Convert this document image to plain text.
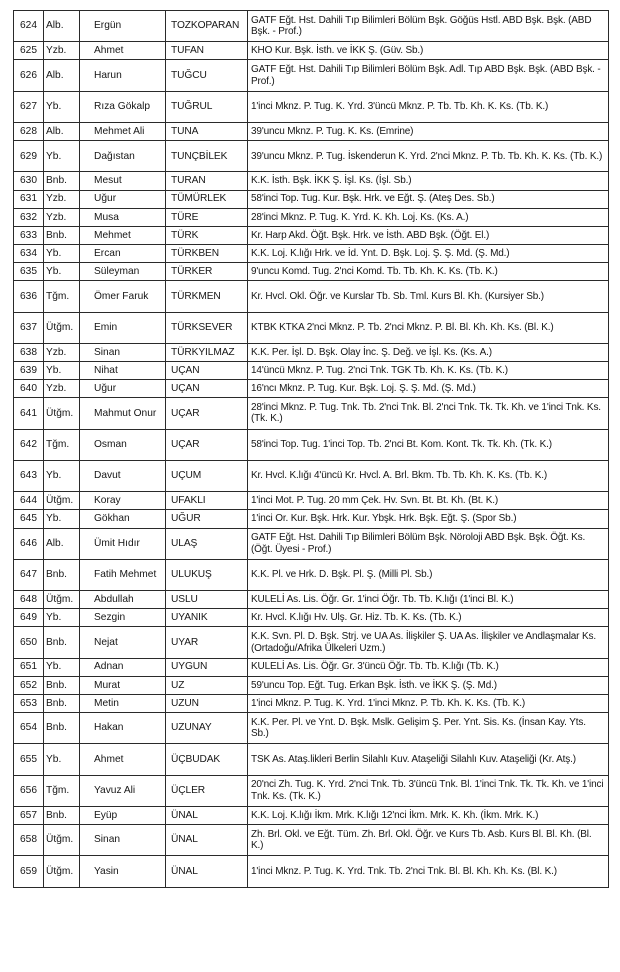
624	Alb.	Ergün	TOZKOPARAN	GATF Eğt. Hst. Dahili Tıp Bilimleri Bölüm Bşk. Göğüs Hstl. ABD Bşk. Bşk. (ABD Bşk. - Prof.)
625	Yzb.	Ahmet	TUFAN	KHO Kur. Bşk. İsth. ve İKK Ş. (Güv. Sb.)
626	Alb.	Harun	TUĞCU	GATF Eğt. Hst. Dahili Tıp Bilimleri Bölüm Bşk. Adl. Tıp ABD Bşk. Bşk. (ABD Bşk. - Prof.)
627	Yb.	Rıza Gökalp	TUĞRUL	1'inci Mknz. P. Tug. K. Yrd. 3'üncü Mknz. P. Tb. Tb. Kh. K. Ks. (Tb. K.)
628	Alb.	Mehmet Ali	TUNA	39'uncu Mknz. P. Tug. K. Ks. (Emrine)
629	Yb.	Dağıstan	TUNÇBİLEK	39'uncu Mknz. P. Tug. İskenderun K. Yrd. 2'nci Mknz. P. Tb. Tb. Kh. K. Ks. (Tb. K.)
630	Bnb.	Mesut	TURAN	K.K. İsth. Bşk. İKK Ş. İşl. Ks. (İşl. Sb.)
631	Yzb.	Uğur	TÜMÜRLEK	58'inci Top. Tug. Kur. Bşk. Hrk. ve Eğt. Ş. (Ateş Des. Sb.)
632	Yzb.	Musa	TÜRE	28'inci Mknz. P. Tug. K. Yrd. K. Kh. Loj. Ks. (Ks. A.)
633	Bnb.	Mehmet	TÜRK	Kr. Harp Akd. Öğt. Bşk. Hrk. ve İsth. ABD Bşk. (Öğt. El.)
634	Yb.	Ercan	TÜRKBEN	K.K. Loj. K.lığı Hrk. ve İd. Ynt. D. Bşk. Loj. Ş. Ş. Md. (Ş. Md.)
635	Yb.	Süleyman	TÜRKER	9'uncu Komd. Tug. 2'nci Komd. Tb. Tb. Kh. K. Ks. (Tb. K.)
636	Tğm.	Ömer Faruk	TÜRKMEN	Kr. Hvcl. Okl. Öğr. ve Kurslar Tb. Sb. Tml. Kurs Bl. Kh. (Kursiyer Sb.)
637	Ütğm.	Emin	TÜRKSEVER	KTBK KTKA 2'nci Mknz. P. Tb. 2'nci Mknz. P. Bl. Bl. Kh. Kh. Ks. (Bl. K.)
638	Yzb.	Sinan	TÜRKYILMAZ	K.K. Per. İşl. D. Bşk. Olay İnc. Ş. Değ. ve İşl. Ks. (Ks. A.)
639	Yb.	Nihat	UÇAN	14'üncü Mknz. P. Tug. 2'nci Tnk. TGK Tb. Kh. K. Ks. (Tb. K.)
640	Yzb.	Uğur	UÇAN	16'ncı Mknz. P. Tug. Kur. Bşk. Loj. Ş. Ş. Md. (Ş. Md.)
641	Ütğm.	Mahmut Onur	UÇAR	28'inci Mknz. P. Tug. Tnk. Tb. 2'nci Tnk. Bl. 2'nci Tnk. Tk. Tk. Kh. ve 1'inci Tnk. Ks. (Tk. K.)
642	Tğm.	Osman	UÇAR	58'inci Top. Tug. 1'inci Top. Tb. 2'nci Bt. Kom. Kont. Tk. Tk. Kh. (Tk. K.)
643	Yb.	Davut	UÇUM	Kr. Hvcl. K.lığı 4'üncü Kr. Hvcl. A. Brl. Bkm. Tb. Tb. Kh. K. Ks. (Tb. K.)
644	Ütğm.	Koray	UFAKLI	1'inci Mot. P. Tug. 20 mm Çek. Hv. Svn. Bt. Bt. Kh. (Bt. K.)
645	Yb.	Gökhan	UĞUR	1'inci Or. Kur. Bşk. Hrk. Kur. Ybşk. Hrk. Bşk. Eğt. Ş. (Spor Sb.)
646	Alb.	Ümit Hıdır	ULAŞ	GATF Eğt. Hst. Dahili Tıp Bilimleri Bölüm Bşk. Nöroloji ABD Bşk. Bşk. Öğt. Ks. (Öğt. Üyesi - Prof.)
647	Bnb.	Fatih Mehmet	ULUKUŞ	K.K. Pl. ve Hrk. D. Bşk. Pl. Ş. (Milli Pl. Sb.)
648	Ütğm.	Abdullah	USLU	KULELİ As. Lis. Öğr. Gr. 1'inci Öğr. Tb. Tb. K.lığı (1'inci Bl. K.)
649	Yb.	Sezgin	UYANIK	Kr. Hvcl. K.lığı Hv. Ulş. Gr. Hiz. Tb. K. Ks. (Tb. K.)
650	Bnb.	Nejat	UYAR	K.K. Svn. Pl. D. Bşk. Strj. ve UA As. İlişkiler Ş. UA As. İlişkiler ve Andlaşmalar Ks. (Ortadoğu/Afrika Ülkeleri Uzm.)
651	Yb.	Adnan	UYGUN	KULELİ As. Lis. Öğr. Gr. 3'üncü Öğr. Tb. Tb. K.lığı (Tb. K.)
652	Bnb.	Murat	UZ	59'uncu Top. Eğt. Tug. Erkan Bşk. İsth. ve İKK Ş. (Ş. Md.)
653	Bnb.	Metin	UZUN	1'inci Mknz. P. Tug. K. Yrd. 1'inci Mknz. P. Tb. Kh. K. Ks. (Tb. K.)
654	Bnb.	Hakan	UZUNAY	K.K. Per. Pl. ve Ynt. D. Bşk. Mslk. Gelişim Ş. Per. Ynt. Sis. Ks. (İnsan Kay. Yts. Sb.)
655	Yb.	Ahmet	ÜÇBUDAK	TSK As. Ataş.likleri Berlin Silahlı Kuv. Ataşeliği Silahlı Kuv. Ataşeliği (Kr. Atş.)
656	Tğm.	Yavuz Ali	ÜÇLER	20'nci Zh. Tug. K. Yrd. 2'nci Tnk. Tb. 3'üncü Tnk. Bl. 1'inci Tnk. Tk. Tk. Kh. ve 1'inci Tnk. Ks. (Tk. K.)
657	Bnb.	Eyüp	ÜNAL	K.K. Loj. K.lığı İkm. Mrk. K.lığı 12'nci İkm. Mrk. K. Kh. (İkm. Mrk. K.)
658	Ütğm.	Sinan	ÜNAL	Zh. Brl. Okl. ve Eğt. Tüm. Zh. Brl. Okl. Öğr. ve Kurs Tb. Asb. Kurs Bl. Bl. Kh. (Bl. K.)
659	Ütğm.	Yasin	ÜNAL	1'inci Mknz. P. Tug. K. Yrd. Tnk. Tb. 2'nci Tnk. Bl. Bl. Kh. Kh. Ks. (Bl. K.)
